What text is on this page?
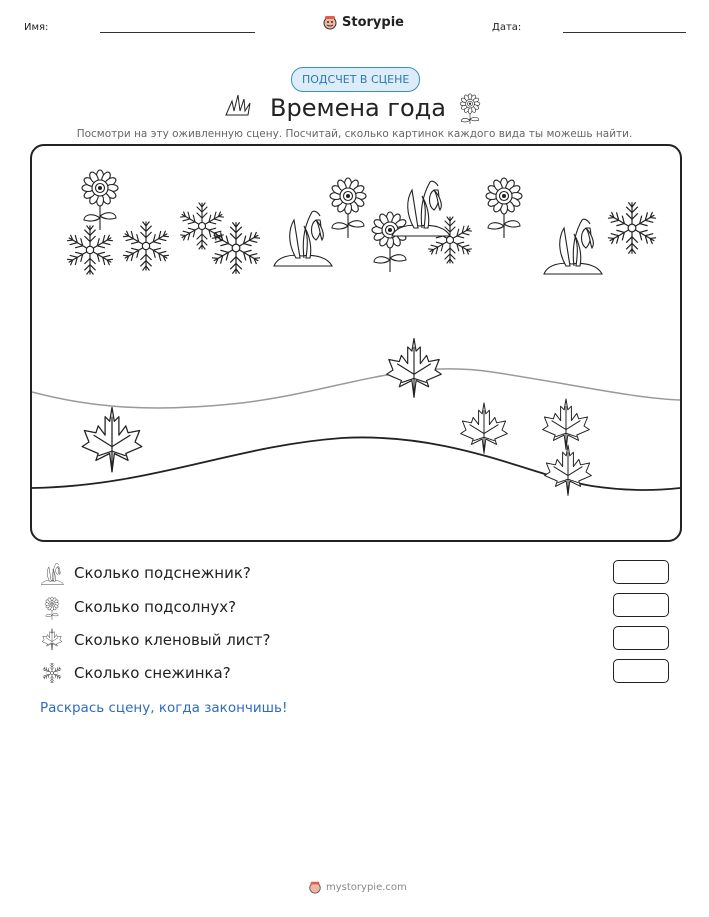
Имя:	Storypie	Дата:
ПОДСЧЕТ В СЦЕНЕ
Времена года
Посмотри на эту оживленную сцену. Посчитай, сколько картинок каждого вида ты можешь найти.
Сколько подснежник?
Сколько подсолнух?
Сколько кленовый лист?
Сколько снежинка?
Раскрась сцену, когда закончишь!
mystorypie.com
